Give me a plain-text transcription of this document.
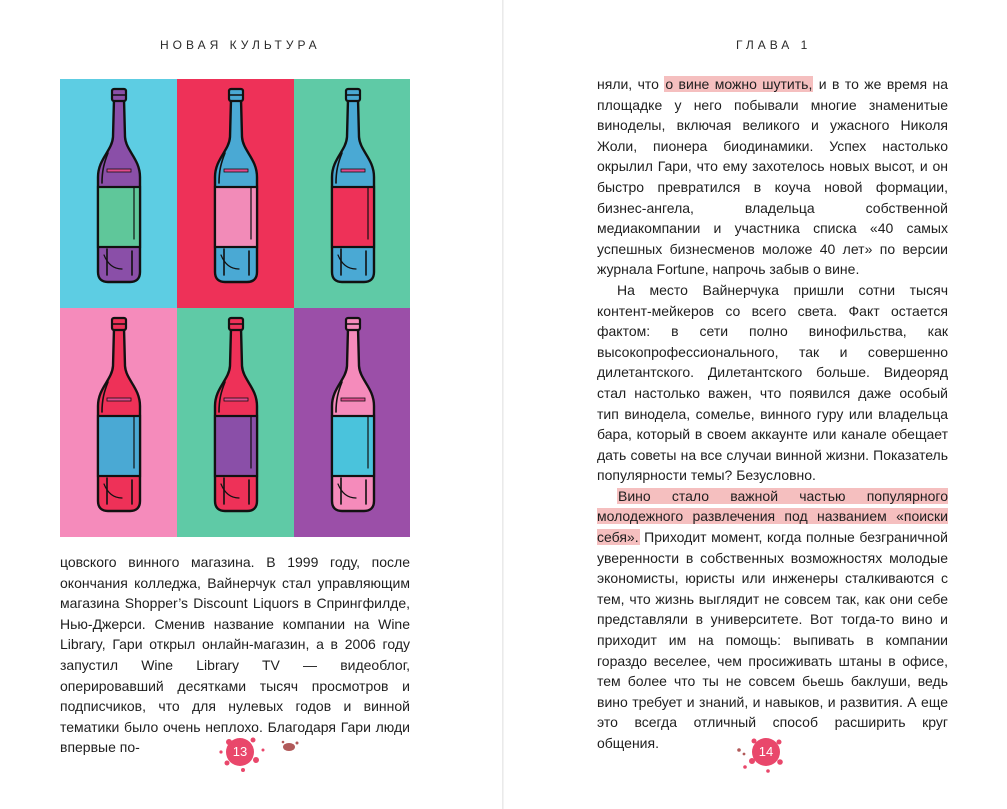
НОВАЯ КУЛЬТУРА

цовского винного магазина. В 1999 году, после окончания колледжа, Вайнерчук стал управляющим магазина Shopper’s Discount Liquors в Спрингфилде, Нью-Джерси. Сменив название компании на Wine Library, Гари открыл онлайн-магазин, а в 2006 году запустил Wine Library TV — видеоблог, оперировавший десятками тысяч просмотров и подписчиков, что для нулевых годов и винной тематики было очень неплохо. Благодаря Гари люди впервые по-	13
ГЛАВА 1

няли, что о вине можно шутить, и в то же время на площадке у него побывали многие знаменитые винoделы, включая великого и ужасного Николя Жоли, пионера биодинамики. Успех настолько окрылил Гари, что ему захотелось новых высот, и он быстро превратился в коуча новой формации, бизнес-ангела, владельца собственной медиакомпании и участника списка «40 самых успешных бизнесменов моложе 40 лет» по версии журнала Fortune, напрочь забыв о вине.

На место Вайнерчука пришли сотни тысяч контент-мейкеров со всего света. Факт остается фактом: в сети полно винофильства, как высокопрофессионального, так и совершенно дилетантского. Дилетантского больше. Видеоряд стал настолько важен, что появился даже особый тип винодела, сомелье, винного гуру или владельца бара, который в своем аккаунте или канале обещает дать советы на все случаи винной жизни. Показатель популярности темы? Безусловно.

Вино стало важной частью популярного молодежного развлечения под названием «поиски себя». Приходит момент, когда полные безграничной уверенности в собственных возможностях молодые экономисты, юристы или инженеры сталкиваются с тем, что жизнь выглядит не совсем так, как они себе представляли в университете. Вот тогда-то вино и приходит им на помощь: выпивать в компании гораздо веселее, чем просиживать штаны в офисе, тем более что ты не совсем бьешь баклуши, ведь вино требует и знаний, и навыков, и развития. А еще это всегда отличный способ расширить круг общения.

14
